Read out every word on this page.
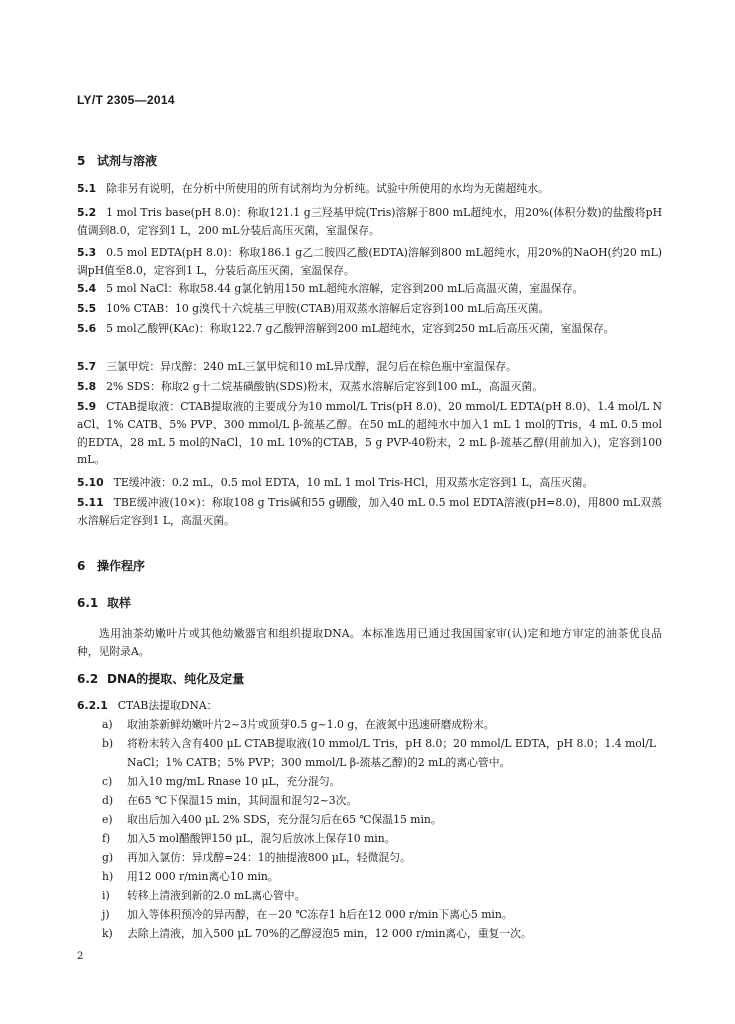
LY/T 2305—2014
5 试剂与溶液
5.1 除非另有说明，在分析中所使用的所有试剂均为分析纯。试验中所使用的水均为无菌超纯水。
5.2 1 mol Tris base(pH 8.0)：称取121.1 g三羟基甲烷(Tris)溶解于800 mL超纯水，用20%(体积分数)的盐酸将pH值调到8.0，定容到1 L，200 mL分装后高压灭菌，室温保存。
5.3 0.5 mol EDTA(pH 8.0)：称取186.1 g乙二胺四乙酸(EDTA)溶解到800 mL超纯水，用20%的NaOH(约20 mL)调pH值至8.0，定容到1 L，分装后高压灭菌，室温保存。
5.4 5 mol NaCl：称取58.44 g氯化钠用150 mL超纯水溶解，定容到200 mL后高温灭菌，室温保存。
5.5 10% CTAB：10 g溴代十六烷基三甲胺(CTAB)用双蒸水溶解后定容到100 mL后高压灭菌。
5.6 5 mol乙酸钾(KAc)：称取122.7 g乙酸钾溶解到200 mL超纯水，定容到250 mL后高压灭菌，室温保存。
5.7 三氯甲烷：异戊醇：240 mL三氯甲烷和10 mL异戊醇，混匀后在棕色瓶中室温保存。
5.8 2% SDS：称取2 g十二烷基磺酸钠(SDS)粉末，双蒸水溶解后定容到100 mL，高温灭菌。
5.9 CTAB提取液：CTAB提取液的主要成分为10 mmol/L Tris(pH 8.0)、20 mmol/L EDTA(pH 8.0)、1.4 mol/L NaCl、1% CATB、5% PVP、300 mmol/L β-巯基乙醇。在50 mL的超纯水中加入1 mL 1 mol的Tris，4 mL 0.5 mol的EDTA，28 mL 5 mol的NaCl，10 mL 10%的CTAB，5 g PVP-40粉末，2 mL β-巯基乙醇(用前加入)，定容到100 mL。
5.10 TE缓冲液：0.2 mL，0.5 mol EDTA，10 mL 1 mol Tris-HCl，用双蒸水定容到1 L，高压灭菌。
5.11 TBE缓冲液(10×)：称取108 g Tris碱和55 g硼酸，加入40 mL 0.5 mol EDTA溶液(pH=8.0)，用800 mL双蒸水溶解后定容到1 L，高温灭菌。
6 操作程序
6.1 取样
选用油茶幼嫩叶片或其他幼嫩器官和组织提取DNA。本标准选用已通过我国国家审(认)定和地方审定的油茶优良品种，见附录A。
6.2 DNA的提取、纯化及定量
6.2.1 CTAB法提取DNA：
a) 取油茶新鲜幼嫩叶片2~3片或顶芽0.5 g~1.0 g，在液氮中迅速研磨成粉末。
b) 将粉末转入含有400 μL CTAB提取液(10 mmol/L Tris，pH 8.0；20 mmol/L EDTA，pH 8.0；1.4 mol/L NaCl；1% CATB；5% PVP；300 mmol/L β-巯基乙醇)的2 mL的离心管中。
c) 加入10 mg/mL Rnase 10 μL，充分混匀。
d) 在65 ℃下保温15 min，其间温和混匀2~3次。
e) 取出后加入400 μL 2% SDS，充分混匀后在65 ℃保温15 min。
f) 加入5 mol醋酸钾150 μL，混匀后放冰上保存10 min。
g) 再加入氯仿：异戊醇=24：1的抽提液800 μL，轻微混匀。
h) 用12 000 r/min离心10 min。
i) 转移上清液到新的2.0 mL离心管中。
j) 加入等体积预冷的异丙醇，在－20 ℃冻存1 h后在12 000 r/min下离心5 min。
k) 去除上清液，加入500 μL 70%的乙醇浸泡5 min，12 000 r/min离心，重复一次。
2
